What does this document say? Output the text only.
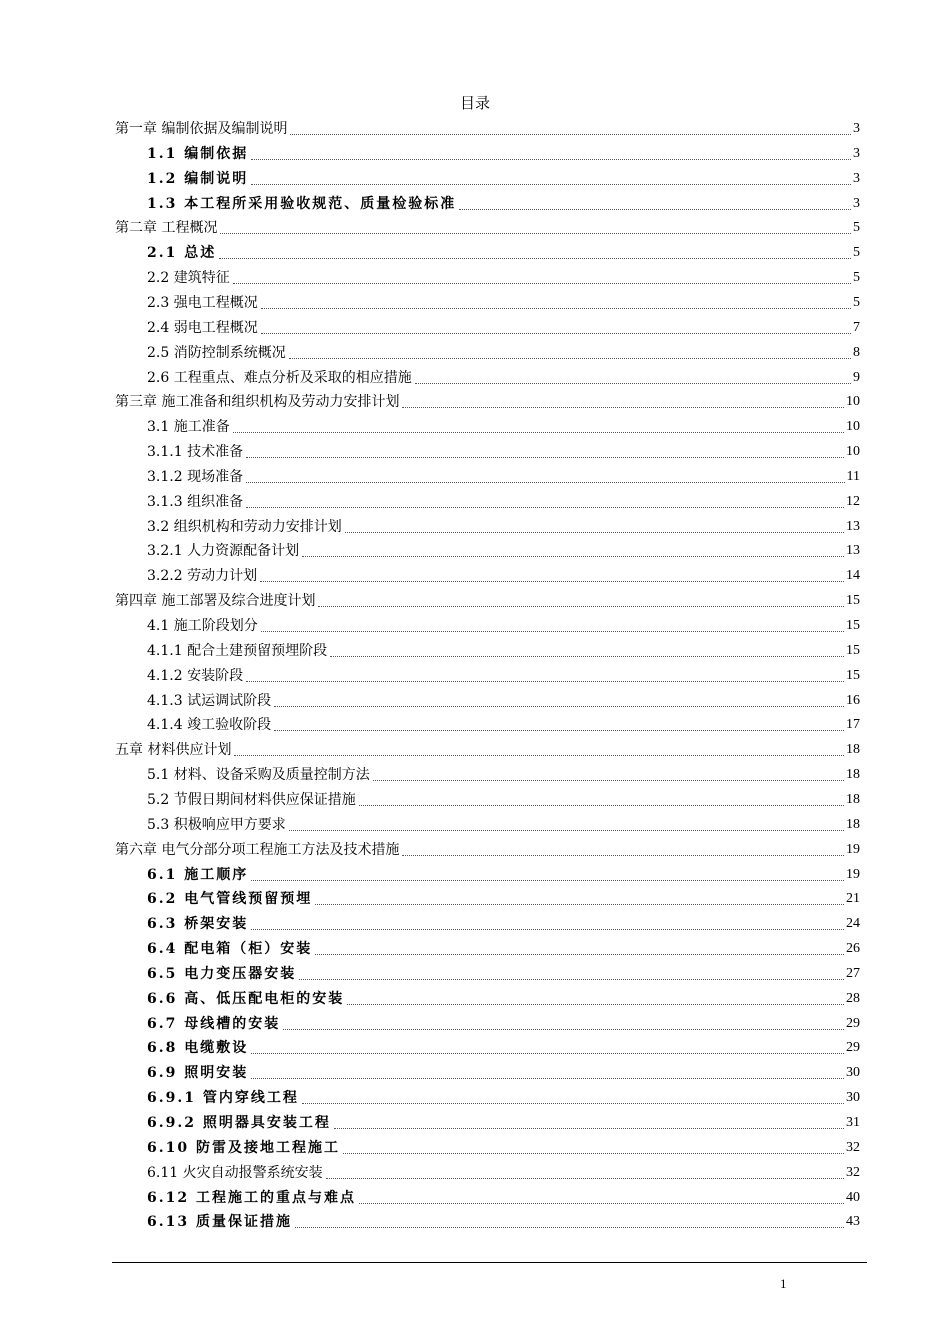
目录
第一章 编制依据及编制说明	3
1.1 编制依据	3
1.2 编制说明	3
1.3 本工程所采用验收规范、质量检验标准	3
第二章 工程概况	5
2.1 总述	5
2.2 建筑特征	5
2.3 强电工程概况	5
2.4 弱电工程概况	7
2.5 消防控制系统概况	8
2.6 工程重点、难点分析及采取的相应措施	9
第三章 施工准备和组织机构及劳动力安排计划	10
3.1 施工准备	10
3.1.1 技术准备	10
3.1.2 现场准备	11
3.1.3 组织准备	12
3.2 组织机构和劳动力安排计划	13
3.2.1 人力资源配备计划	13
3.2.2 劳动力计划	14
第四章 施工部署及综合进度计划	15
4.1 施工阶段划分	15
4.1.1 配合土建预留预埋阶段	15
4.1.2 安装阶段	15
4.1.3 试运调试阶段	16
4.1.4 竣工验收阶段	17
五章 材料供应计划	18
5.1 材料、设备采购及质量控制方法	18
5.2 节假日期间材料供应保证措施	18
5.3 积极响应甲方要求	18
第六章 电气分部分项工程施工方法及技术措施	19
6.1 施工顺序	19
6.2 电气管线预留预埋	21
6.3 桥架安装	24
6.4 配电箱（柜）安装	26
6.5 电力变压器安装	27
6.6 高、低压配电柜的安装	28
6.7 母线槽的安装	29
6.8 电缆敷设	29
6.9 照明安装	30
6.9.1 管内穿线工程	30
6.9.2 照明器具安装工程	31
6.10 防雷及接地工程施工	32
6.11 火灾自动报警系统安装	32
6.12 工程施工的重点与难点	40
6.13 质量保证措施	43
1
